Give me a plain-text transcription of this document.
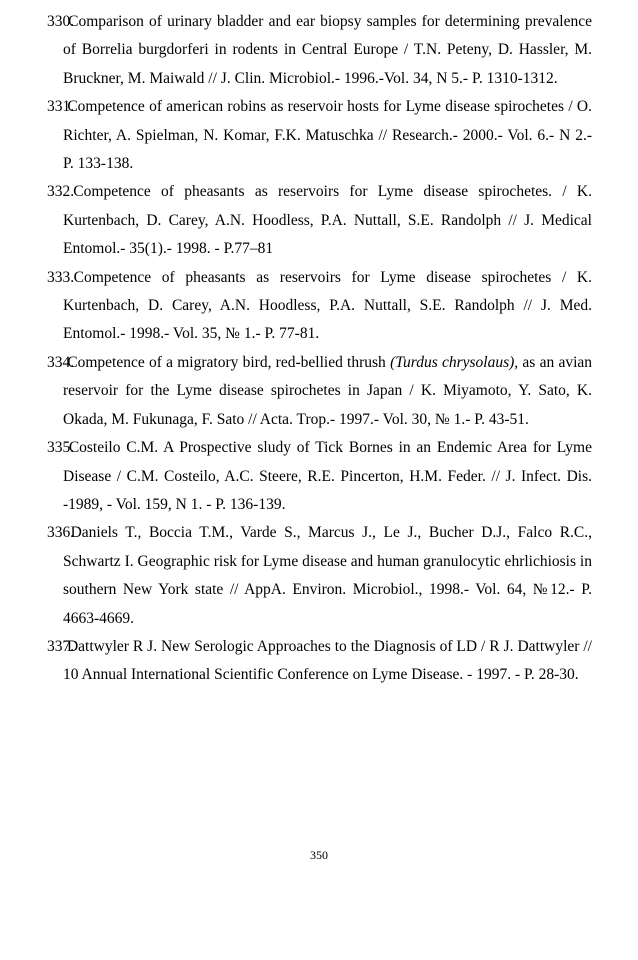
330. Comparison of urinary bladder and ear biopsy samples for determining prevalence of Borrelia burgdorferi in rodents in Central Europe / T.N. Peteny, D. Hassler, M. Bruckner, M. Maiwald // J. Clin. Microbiol.- 1996.-Vol. 34, N 5.- P. 1310-1312.
331. Competence of american robins as reservoir hosts for Lyme disease spirochetes / O. Richter, A. Spielman, N. Komar, F.K. Matuschka // Research.- 2000.- Vol. 6.- N 2.- P. 133-138.
332. Competence of pheasants as reservoirs for Lyme disease spirochetes. / K. Kurtenbach, D. Carey, A.N. Hoodless, P.A. Nuttall, S.E. Randolph // J. Medical Entomol.- 35(1).- 1998. - P.77–81
333. Competence of pheasants as reservoirs for Lyme disease spirochetes / K. Kurtenbach, D. Carey, A.N. Hoodless, P.A. Nuttall, S.E. Randolph // J. Med. Entomol.- 1998.- Vol. 35, № 1.- P. 77-81.
334. Competence of a migratory bird, red-bellied thrush (Turdus chrysolaus), as an avian reservoir for the Lyme disease spirochetes in Japan / K. Miyamoto, Y. Sato, K. Okada, M. Fukunaga, F. Sato // Acta. Trop.- 1997.- Vol. 30, № 1.- P. 43-51.
335. Costeilo C.M. A Prospective sludy of Tick Bornes in an Endemic Area for Lyme Disease / C.M. Costeilo, A.C. Steere, R.E. Pincerton, H.M. Feder. // J. Infect. Dis. -1989, - Vol. 159, N 1. - P. 136-139.
336. Daniels T., Boccia T.M., Varde S., Marcus J., Le J., Bucher D.J., Falco R.C., Schwartz I. Geographic risk for Lyme disease and human granulocytic ehrlichiosis in southern New York state // AppA. Environ. Microbiol., 1998.- Vol. 64, №12.- P. 4663-4669.
337. Dattwyler R J. New Serologic Approaches to the Diagnosis of LD / R J. Dattwyler // 10 Annual International Scientific Conference on Lyme Disease. - 1997. - P. 28-30.
350
